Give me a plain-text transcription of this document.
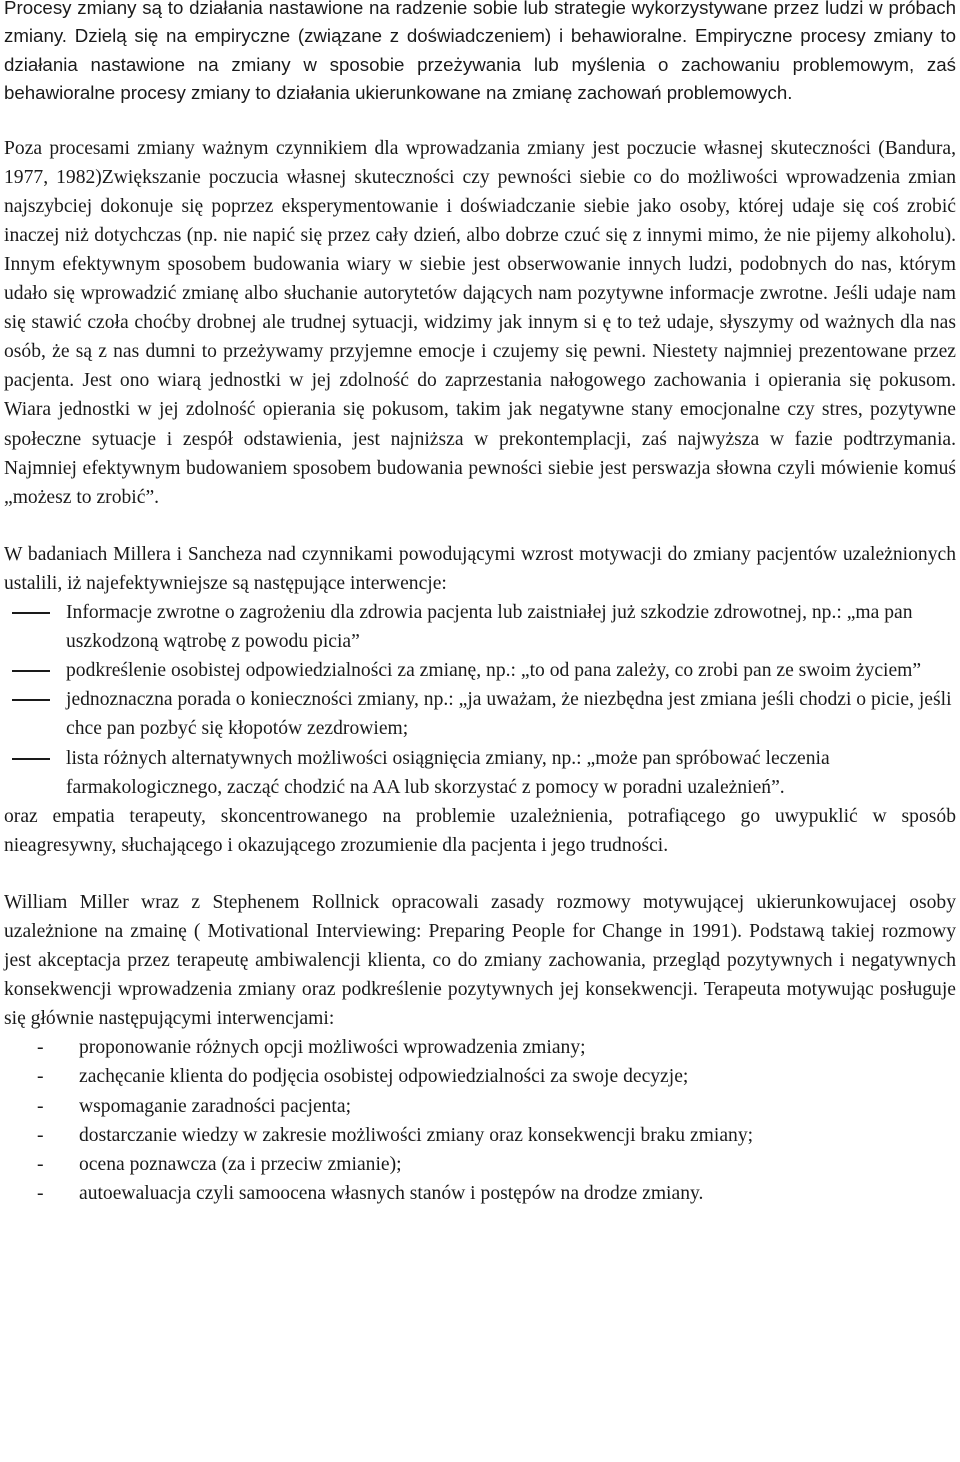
Procesy zmiany są to działania nastawione na radzenie sobie lub strategie wykorzystywane przez ludzi w próbach zmiany. Dzielą się na empiryczne (związane z doświadczeniem) i behawioralne. Empiryczne procesy zmiany to działania nastawione na zmiany w sposobie przeżywania lub myślenia o zachowaniu problemowym, zaś behawioralne procesy zmiany to działania ukierunkowane na zmianę zachowań problemowych.

Poza procesami zmiany ważnym czynnikiem dla wprowadzania zmiany jest poczucie własnej skuteczności (Bandura, 1977, 1982)Zwiększanie poczucia własnej skuteczności czy pewności siebie co do możliwości wprowadzenia zmian najszybciej dokonuje się poprzez eksperymentowanie i doświadczanie siebie jako osoby, której udaje się coś zrobić inaczej niż dotychczas (np. nie napić się przez cały dzień, albo dobrze czuć się z innymi mimo, że nie pijemy alkoholu). Innym efektywnym sposobem budowania wiary w siebie jest obserwowanie innych ludzi, podobnych do nas, którym udało się wprowadzić zmianę albo słuchanie autorytetów dających nam pozytywne informacje zwrotne. Jeśli udaje nam się stawić czoła choćby drobnej ale trudnej sytuacji, widzimy jak innym si ę to też udaje, słyszymy od ważnych dla nas osób, że są z nas dumni to przeżywamy przyjemne emocje i czujemy się pewni. Niestety najmniej prezentowane przez pacjenta. Jest ono wiarą jednostki w jej zdolność do zaprzestania nałogowego zachowania i opierania się pokusom. Wiara jednostki w jej zdolność opierania się pokusom, takim jak negatywne stany emocjonalne czy stres, pozytywne społeczne sytuacje i zespół odstawienia, jest najniższa w prekontemplacji, zaś najwyższa w fazie podtrzymania. Najmniej efektywnym budowaniem sposobem budowania pewności siebie jest perswazja słowna czyli mówienie komuś „możesz to zrobić”.

W badaniach Millera i Sancheza nad czynnikami powodującymi wzrost motywacji do zmiany pacjentów uzależnionych ustalili, iż najefektywniejsze są następujące interwencje:

Informacje zwrotne o zagrożeniu dla zdrowia pacjenta lub zaistniałej już szkodzie zdrowotnej, np.: „ma pan uszkodzoną wątrobę z powodu picia”
podkreślenie osobistej odpowiedzialności za zmianę, np.: „to od pana zależy, co zrobi pan ze swoim życiem”
jednoznaczna porada o konieczności zmiany, np.: „ja uważam, że niezbędna jest zmiana jeśli chodzi o picie, jeśli chce pan pozbyć się kłopotów zezdrowiem;
lista różnych alternatywnych możliwości osiągnięcia zmiany, np.: „może pan spróbować leczenia farmakologicznego, zacząć chodzić na AA lub skorzystać z pomocy w poradni uzależnień”.

oraz empatia terapeuty, skoncentrowanego na problemie uzależnienia, potrafiącego go uwypuklić w sposób nieagresywny, słuchającego i okazującego zrozumienie dla pacjenta i jego trudności.

William Miller wraz z Stephenem Rollnick opracowali zasady rozmowy motywującej ukierunkowujacej osoby uzależnione na zmainę ( Motivational Interviewing: Preparing People for Change in 1991). Podstawą takiej rozmowy jest akceptacja przez terapeutę ambiwalencji klienta, co do zmiany zachowania, przegląd pozytywnych i negatywnych konsekwencji wprowadzenia zmiany oraz podkreślenie pozytywnych jej konsekwencji. Terapeuta motywując posługuje się głównie następującymi interwencjami:

- proponowanie różnych opcji możliwości wprowadzenia zmiany;
- zachęcanie klienta do podjęcia osobistej odpowiedzialności za swoje decyzje;
- wspomaganie zaradności pacjenta;
- dostarczanie wiedzy w zakresie możliwości zmiany oraz konsekwencji braku zmiany;
- ocena poznawcza (za i przeciw zmianie);
- autoewaluacja czyli samoocena własnych stanów i postępów na drodze zmiany.
